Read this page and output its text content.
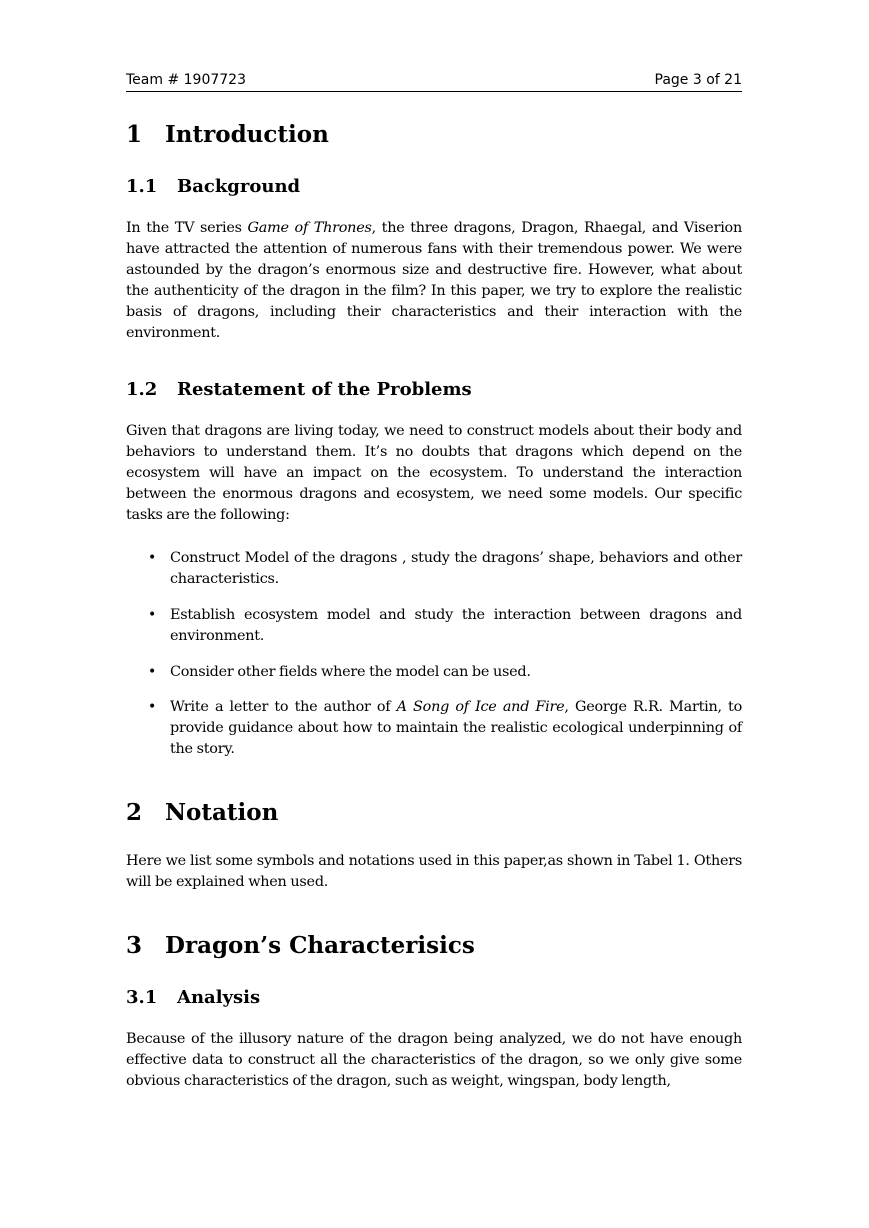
Team # 1907723	Page 3 of 21
1 Introduction
1.1 Background

In the TV series Game of Thrones, the three dragons, Dragon, Rhaegal, and Viserion have attracted the attention of numerous fans with their tremendous power. We were astounded by the dragon’s enormous size and destructive fire. However, what about the authenticity of the dragon in the film? In this paper, we try to explore the realistic basis of dragons, including their characteristics and their interaction with the environment.

1.2 Restatement of the Problems

Given that dragons are living today, we need to construct models about their body and behaviors to understand them. It’s no doubts that dragons which depend on the ecosystem will have an impact on the ecosystem. To understand the interaction between the enormous dragons and ecosystem, we need some models. Our specific tasks are the following:

• Construct Model of the dragons , study the dragons’ shape, behaviors and other characteristics.
• Establish ecosystem model and study the interaction between dragons and environment.
• Consider other fields where the model can be used.
• Write a letter to the author of A Song of Ice and Fire, George R.R. Martin, to provide guidance about how to maintain the realistic ecological underpinning of the story.
2 Notation

Here we list some symbols and notations used in this paper,as shown in Tabel 1. Others will be explained when used.

3 Dragon’s Characterisics
3.1 Analysis

Because of the illusory nature of the dragon being analyzed, we do not have enough effective data to construct all the characteristics of the dragon, so we only give some obvious characteristics of the dragon, such as weight, wingspan, body length,
